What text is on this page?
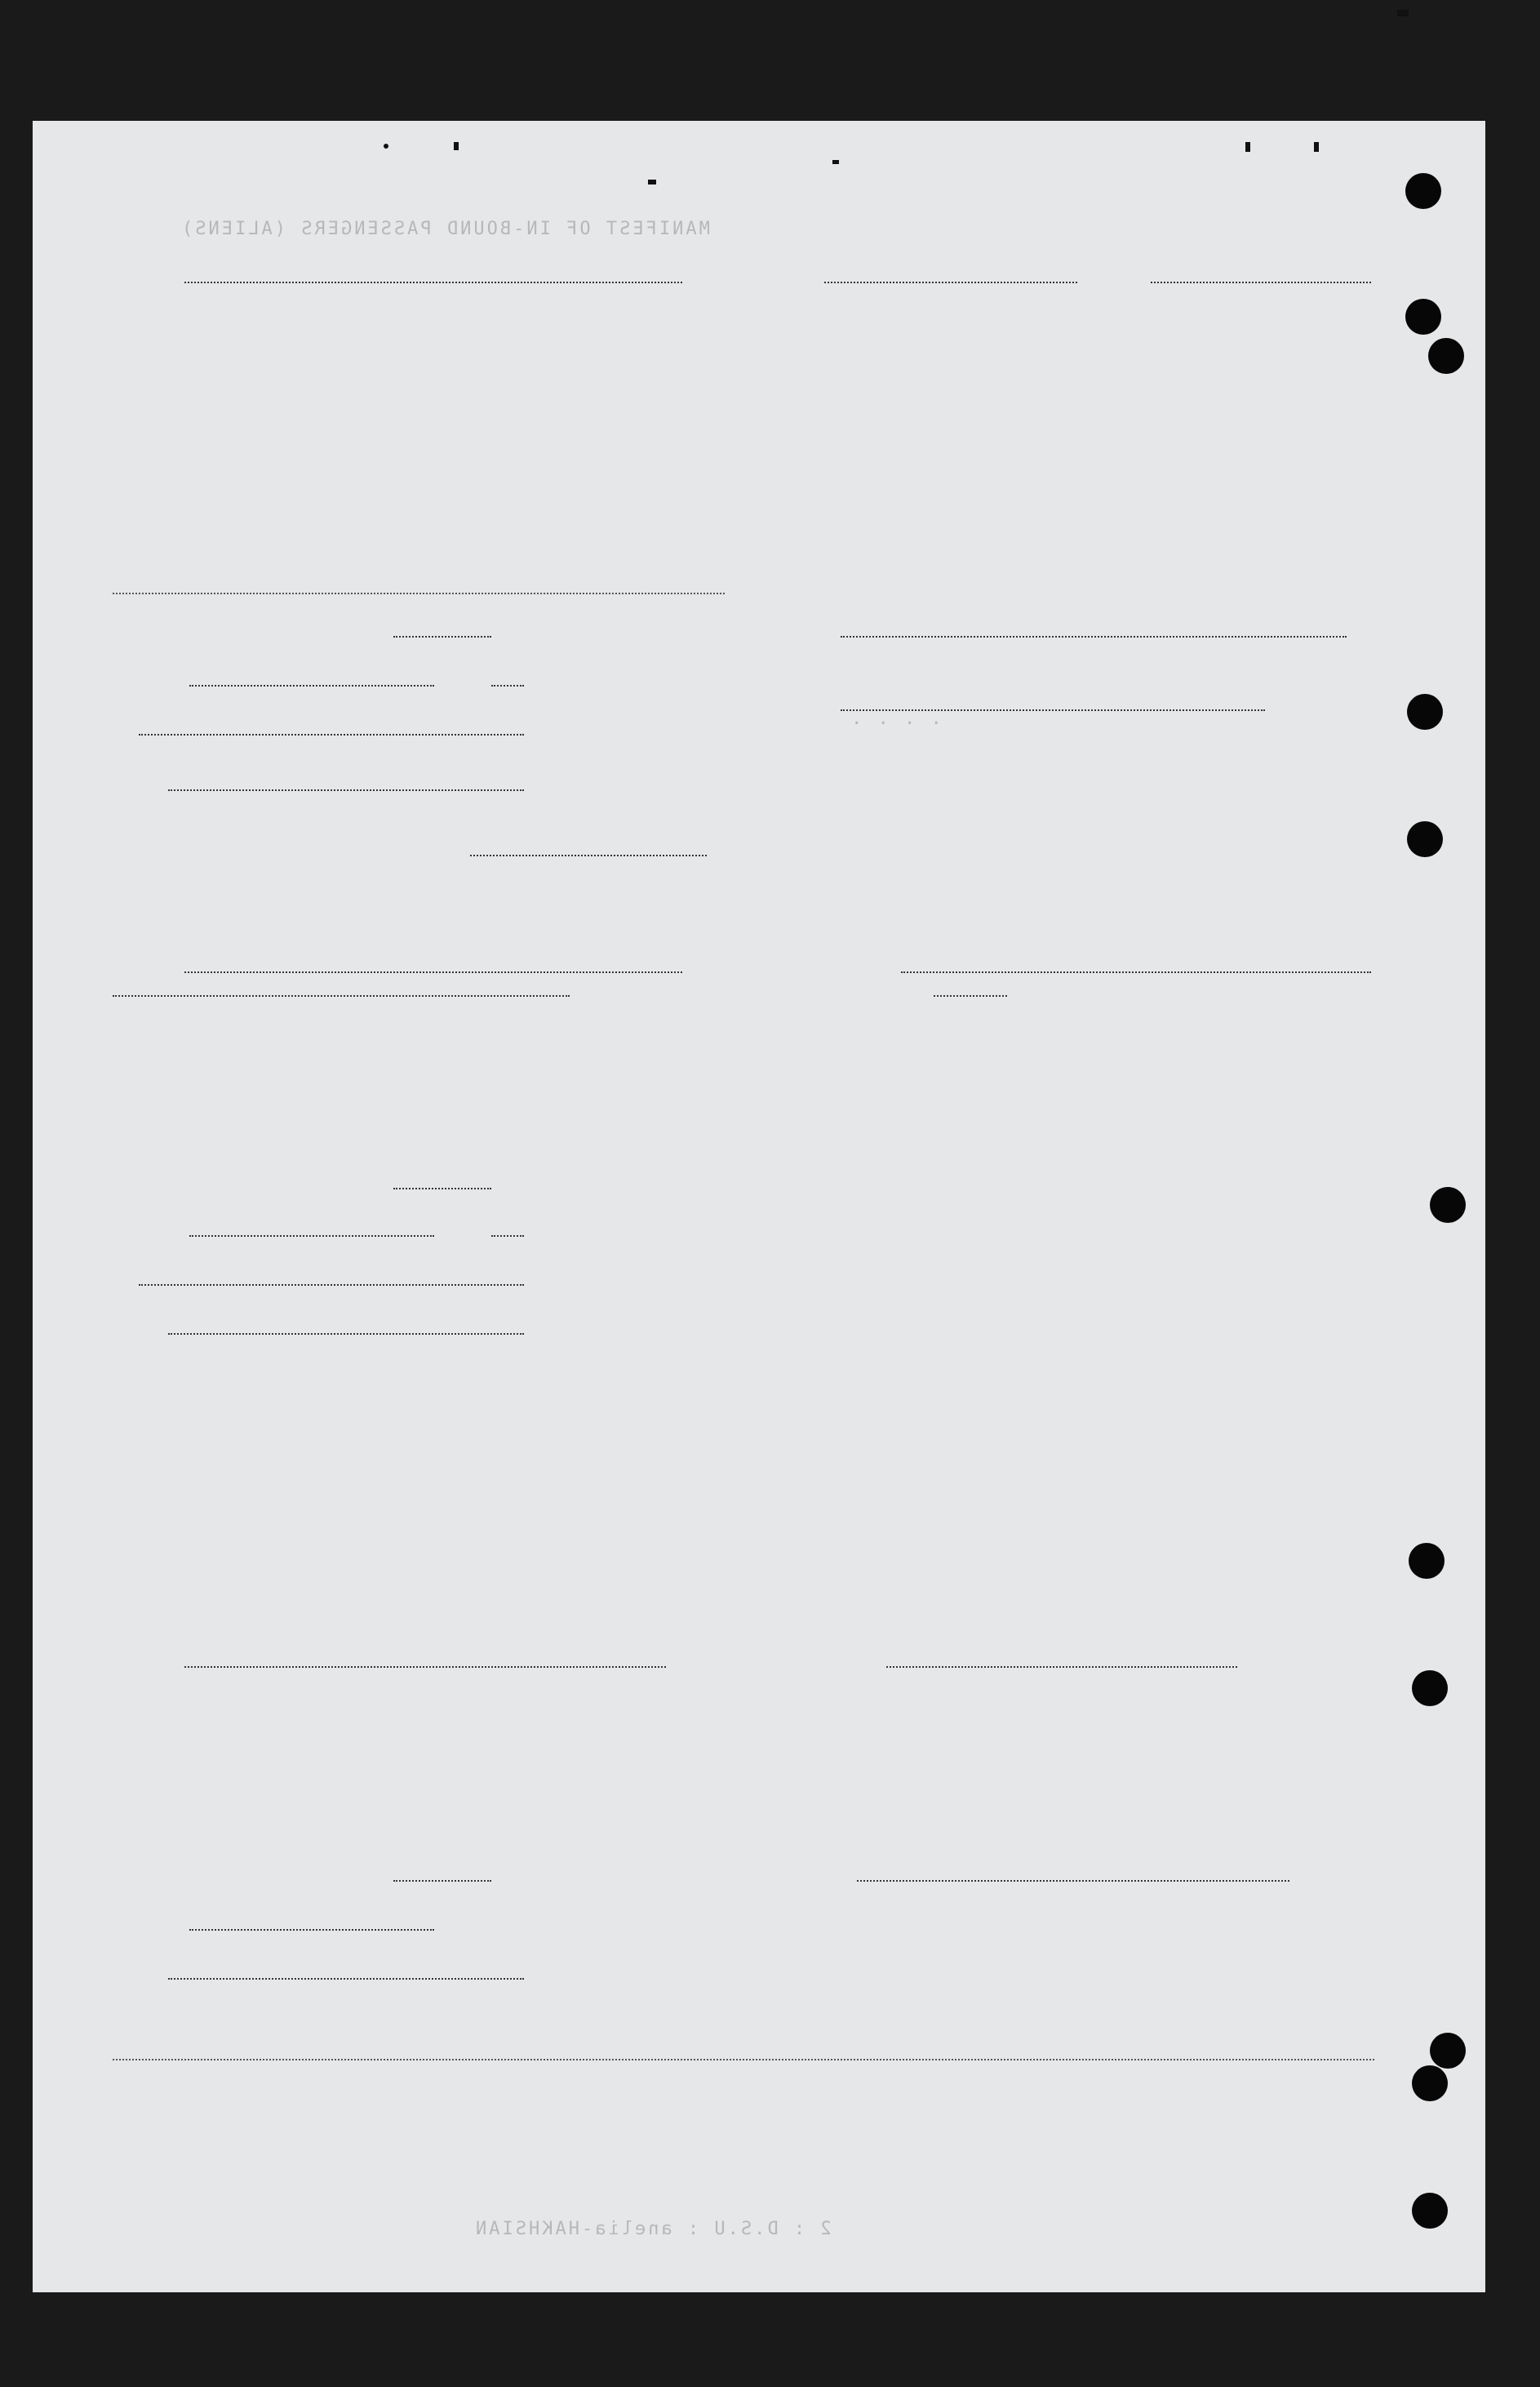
MANIFEST OF IN-BOUND PASSENGERS (ALIENS)
. . . .
2 : D.S.U : anelia-HAKHSIAN
